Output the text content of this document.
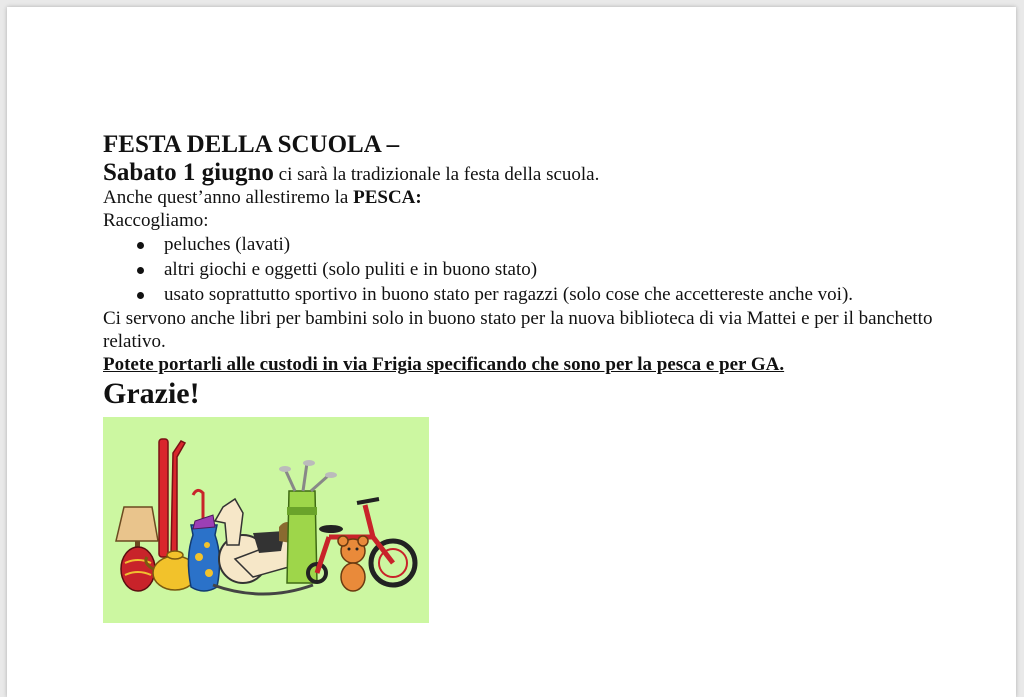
FESTA DELLA SCUOLA –

Sabato 1 giugno ci sarà la tradizionale la festa della scuola.

Anche quest’anno allestiremo la PESCA:

Raccogliamo:

peluches (lavati)
altri giochi e oggetti (solo puliti e in buono stato)
usato soprattutto sportivo in buono stato per ragazzi (solo cose che accettereste anche voi).

Ci servono anche libri per bambini solo in buono stato per la nuova biblioteca di via Mattei e per il banchetto relativo.

Potete portarli alle custodi in via Frigia specificando che sono per la pesca e per GA.

Grazie!
